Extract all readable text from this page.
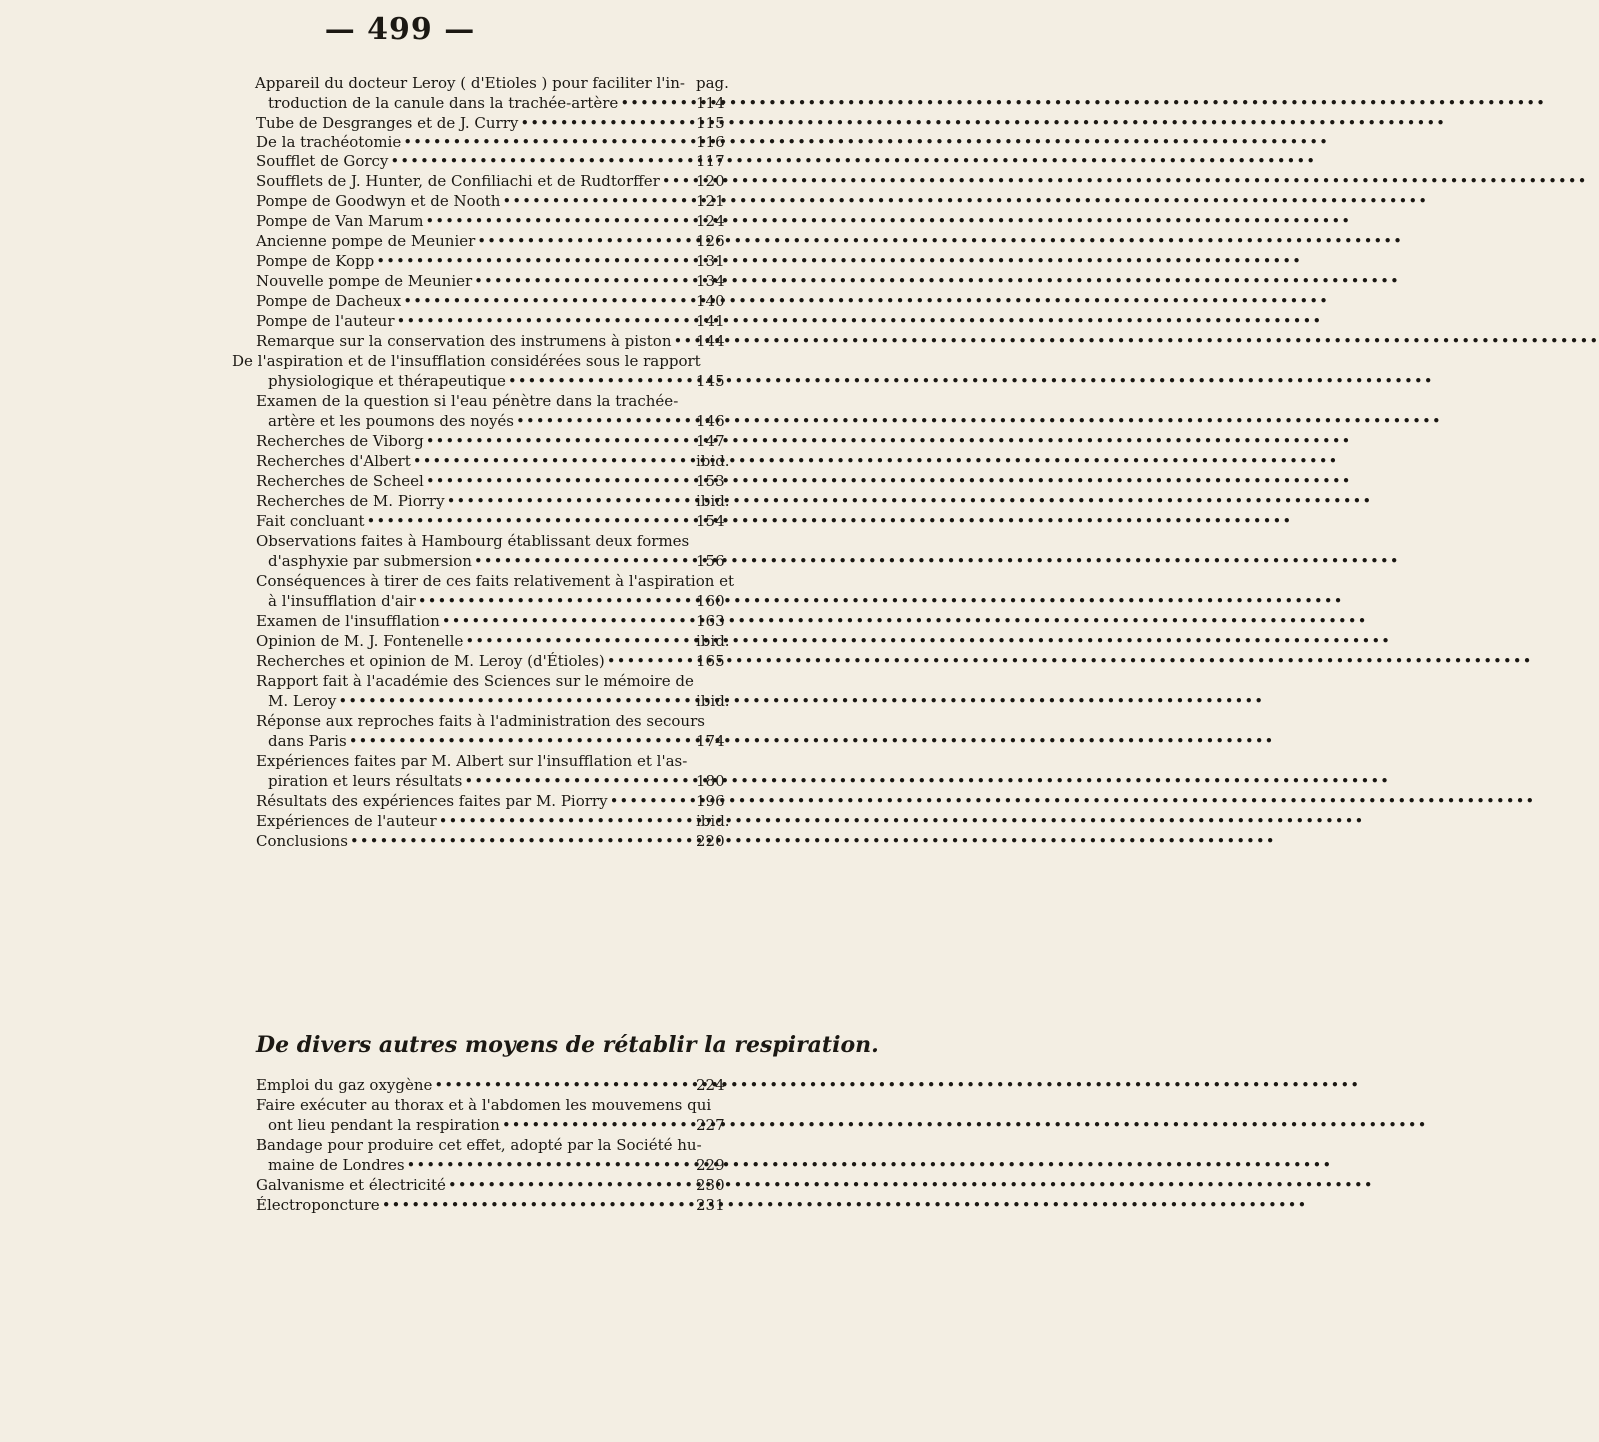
— 499 —
Appareil du docteur Leroy ( d'Etioles ) pour faciliter l'in- pag.
troduction de la canule dans la trachée-artère •••••	114
Tube de Desgranges et de J. Curry •••••	115
De la trachéotomie •••••	116
Soufflet de Gorcy •••••	117
Soufflets de J. Hunter, de Confiliachi et de Rudtorffer ••••• 120
Pompe de Goodwyn et de Nooth •••••	121
Pompe de Van Marum •••••	124
Ancienne pompe de Meunier •••••	126
Pompe de Kopp •••••	131
Nouvelle pompe de Meunier •••••	134
Pompe de Dacheux •••••	140
Pompe de l'auteur •••••	141
Remarque sur la conservation des instrumens à piston ••••• 144
De l'aspiration et de l'insufflation considérées sous le rapport
physiologique et thérapeutique •••••	145
Examen de la question si l'eau pénètre dans la trachée-
artère et les poumons des noyés •••••	146
Recherches de Viborg •••••	147
Recherches d'Albert •••••	ibid.
Recherches de Scheel •••••	153
Recherches de M. Piorry •••••	ibid.
Fait concluant •••••	154
Observations faites à Hambourg établissant deux formes
d'asphyxie par submersion •••••	156
Conséquences à tirer de ces faits relativement à l'aspiration et
à l'insufflation d'air •••••	160
Examen de l'insufflation •••••	163
Opinion de M. J. Fontenelle •••••	ibid.
Recherches et opinion de M. Leroy (d'Étioles) •••••	165
Rapport fait à l'académie des Sciences sur le mémoire de
M. Leroy •••••	ibid.
Réponse aux reproches faits à l'administration des secours
dans Paris •••••	174
Expériences faites par M. Albert sur l'insufflation et l'as-
piration et leurs résultats •••••	180
Résultats des expériences faites par M. Piorry •••••	196
Expériences de l'auteur •••••	ibid.
Conclusions •••••	220
De divers autres moyens de rétablir la respiration.
Emploi du gaz oxygène •••••	224
Faire exécuter au thorax et à l'abdomen les mouvemens qui
ont lieu pendant la respiration •••••	227
Bandage pour produire cet effet, adopté par la Société hu-
maine de Londres •••••	229
Galvanisme et électricité •••••	230
Électroponcture •••••	231
